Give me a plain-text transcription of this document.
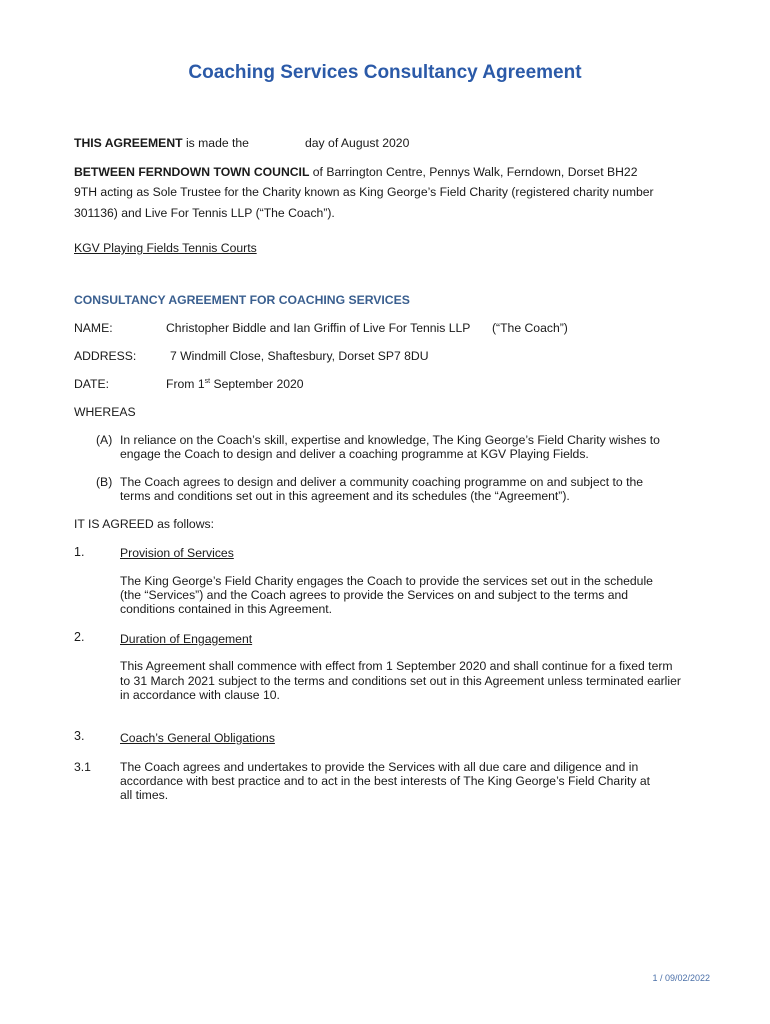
Coaching Services Consultancy Agreement
THIS AGREEMENT is made the	day of August 2020
BETWEEN FERNDOWN TOWN COUNCIL of Barrington Centre, Pennys Walk, Ferndown, Dorset BH22
9TH acting as Sole Trustee for the Charity known as King George’s Field Charity (registered charity number
301136) and Live For Tennis LLP (“The Coach”).
KGV Playing Fields Tennis Courts
CONSULTANCY AGREEMENT FOR COACHING SERVICES
NAME:	Christopher Biddle and Ian Griffin of Live For Tennis LLP (“The Coach”)
ADDRESS:	7 Windmill Close, Shaftesbury, Dorset SP7 8DU
DATE:	From 1st September 2020
WHEREAS
(A) In reliance on the Coach’s skill, expertise and knowledge, The King George’s Field Charity wishes to
engage the Coach to design and deliver a coaching programme at KGV Playing Fields.
(B) The Coach agrees to design and deliver a community coaching programme on and subject to the
terms and conditions set out in this agreement and its schedules (the “Agreement”).
IT IS AGREED as follows:
1.	Provision of Services
The King George’s Field Charity engages the Coach to provide the services set out in the schedule
(the “Services”) and the Coach agrees to provide the Services on and subject to the terms and
conditions contained in this Agreement.
2.	Duration of Engagement
This Agreement shall commence with effect from 1 September 2020 and shall continue for a fixed term
to 31 March 2021 subject to the terms and conditions set out in this Agreement unless terminated earlier
in accordance with clause 10.
3.	Coach’s General Obligations
3.1 The Coach agrees and undertakes to provide the Services with all due care and diligence and in
accordance with best practice and to act in the best interests of The King George’s Field Charity at
all times.
1 / 09/02/2022
